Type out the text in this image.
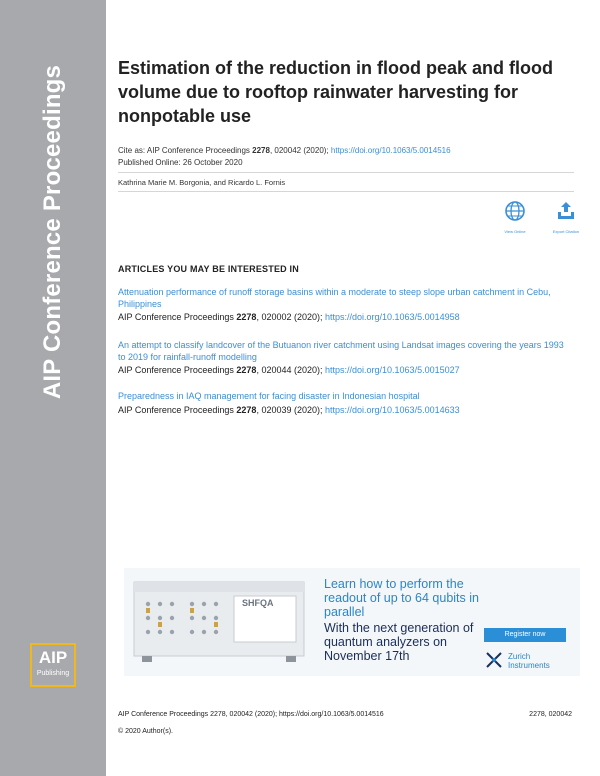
AIP Conference Proceedings
AIP
Publishing
Estimation of the reduction in flood peak and flood volume due to rooftop rainwater harvesting for nonpotable use
Cite as: AIP Conference Proceedings 2278, 020042 (2020); https://doi.org/10.1063/5.0014516
Published Online: 26 October 2020
Kathrina Marie M. Borgonia, and Ricardo L. Fornis
View Online	Export Citation
ARTICLES YOU MAY BE INTERESTED IN
Attenuation performance of runoff storage basins within a moderate to steep slope urban catchment in Cebu, Philippines
AIP Conference Proceedings 2278, 020002 (2020); https://doi.org/10.1063/5.0014958
An attempt to classify landcover of the Butuanon river catchment using Landsat images covering the years 1993 to 2019 for rainfall-runoff modelling
AIP Conference Proceedings 2278, 020044 (2020); https://doi.org/10.1063/5.0015027
Preparedness in IAQ management for facing disaster in Indonesian hospital
AIP Conference Proceedings 2278, 020039 (2020); https://doi.org/10.1063/5.0014633
SHFQA
Learn how to perform the readout of up to 64 qubits in parallel
With the next generation of quantum analyzers on November 17th
Register now
Zurich
Instruments
AIP Conference Proceedings 2278, 020042 (2020); https://doi.org/10.1063/5.0014516	2278, 020042
© 2020 Author(s).
